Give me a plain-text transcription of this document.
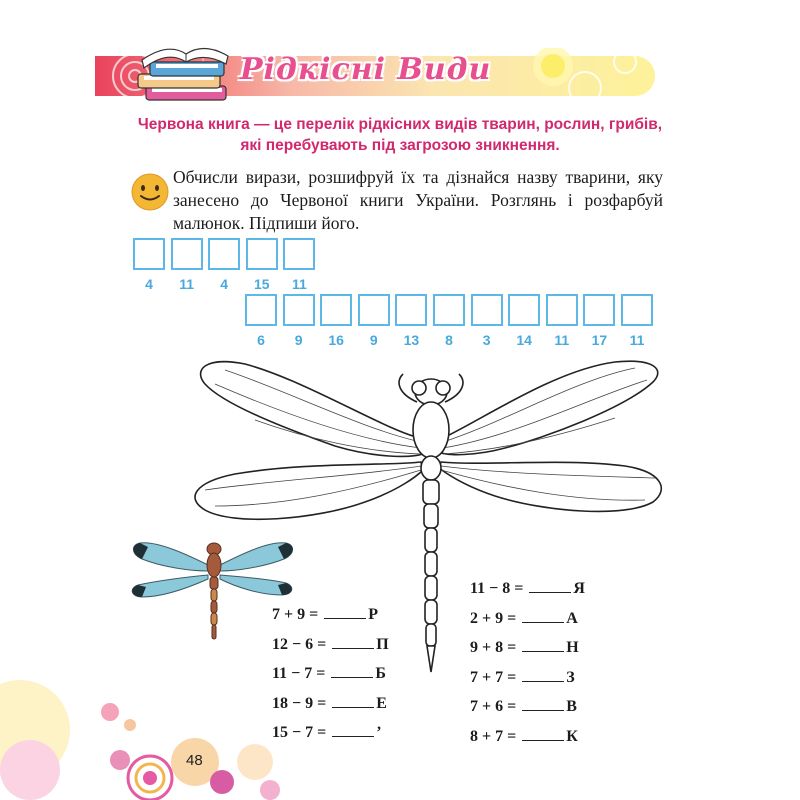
Рідкісні Види
Червона книга — це перелік рідкісних видів тварин, рослин, грибів, які перебувають під загрозою зникнення.
Обчисли вирази, розшифруй їх та дізнайся назву тварини, яку занесено до Червоної книги України. Розглянь і розфарбуй малюнок. Підпиши його.
4	11	4	15	11
6	9	16	9	13	8	3	14	11	17	11
7 + 9 =	Р
12 − 6 =	П
11 − 7 =	Б
18 − 9 =	Е
15 − 7 =	’
11 − 8 =	Я
2 + 9 =	А
9 + 8 =	Н
7 + 7 =	З
7 + 6 =	В
8 + 7 =	К
48
